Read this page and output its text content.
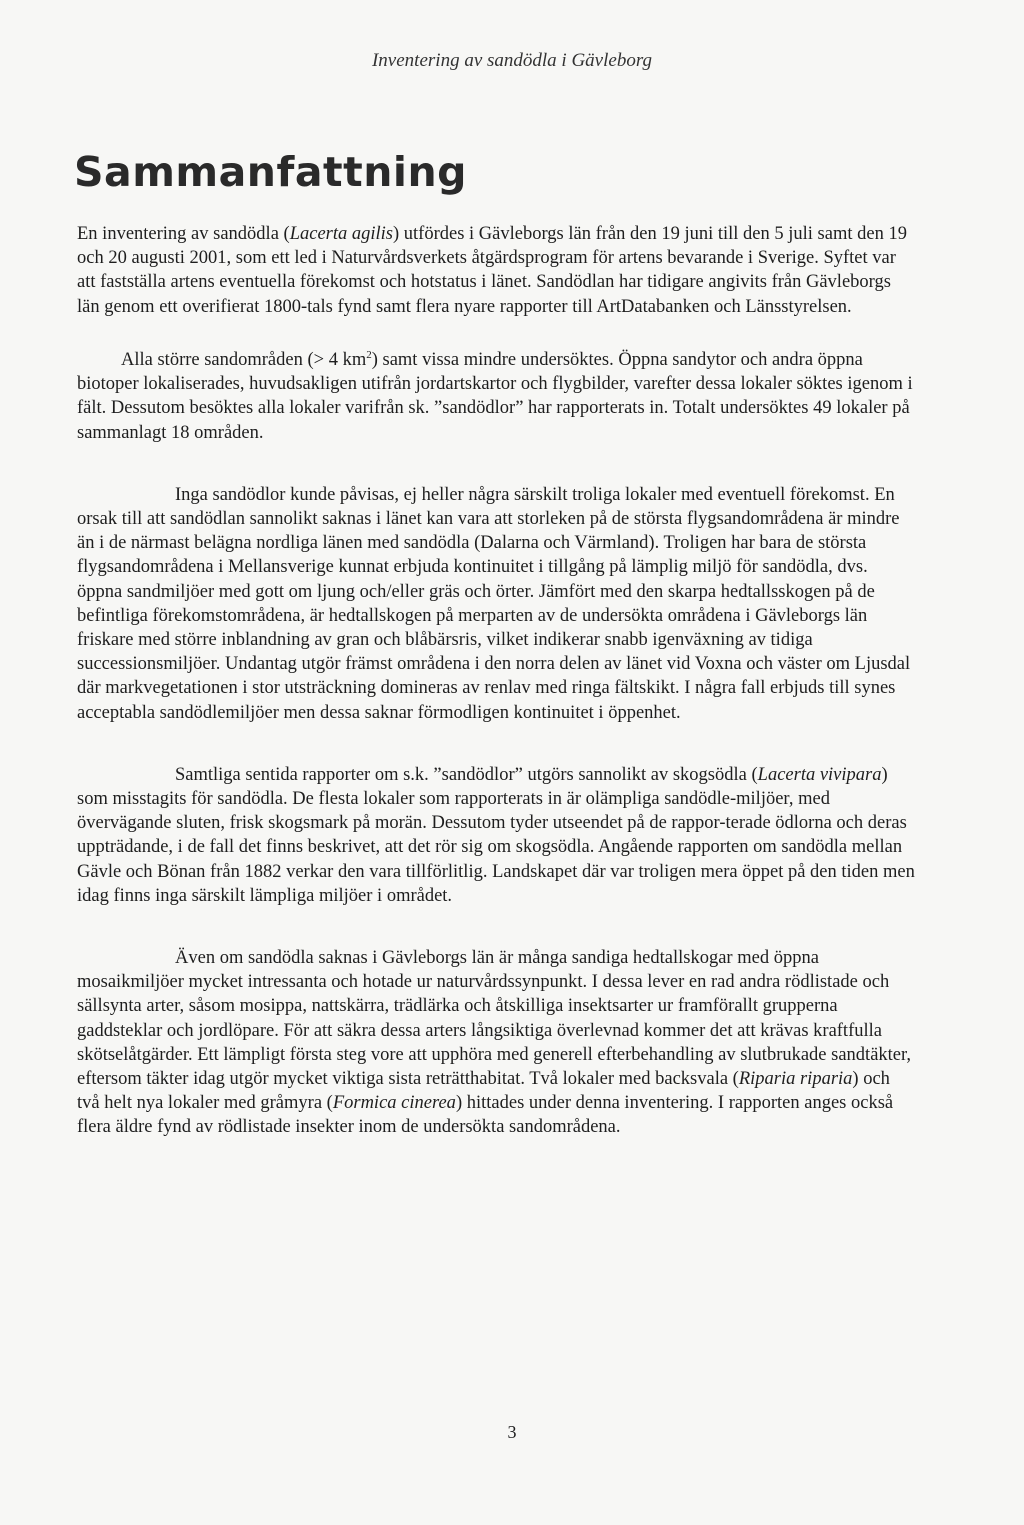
Inventering av sandödla i Gävleborg
Sammanfattning

En inventering av sandödla (Lacerta agilis) utfördes i Gävleborgs län från den 19 juni till den 5 juli samt den 19 och 20 augusti 2001, som ett led i Naturvårdsverkets åtgärdsprogram för artens bevarande i Sverige. Syftet var att fastställa artens eventuella förekomst och hotstatus i länet. Sandödlan har tidigare angivits från Gävleborgs län genom ett overifierat 1800-tals fynd samt flera nyare rapporter till ArtDatabanken och Länsstyrelsen.

Alla större sandområden (> 4 $km^2$) samt vissa mindre undersöktes. Öppna sandytor och andra öppna biotoper lokaliserades, huvudsakligen utifrån jordartskartor och flygbilder, varefter dessa lokaler söktes igenom i fält. Dessutom besöktes alla lokaler varifrån sk. ”sandödlor” har rapporterats in. Totalt undersöktes 49 lokaler på sammanlagt 18 områden.

Inga sandödlor kunde påvisas, ej heller några särskilt troliga lokaler med eventuell förekomst. En orsak till att sandödlan sannolikt saknas i länet kan vara att storleken på de största flygsandområdena är mindre än i de närmast belägna nordliga länen med sandödla (Dalarna och Värmland). Troligen har bara de största flygsandområdena i Mellansverige kunnat erbjuda kontinuitet i tillgång på lämplig miljö för sandödla, dvs. öppna sandmiljöer med gott om ljung och/eller gräs och örter. Jämfört med den skarpa hedtallsskogen på de befintliga förekomstområdena, är hedtallskogen på merparten av de undersökta områdena i Gävleborgs län friskare med större inblandning av gran och blåbärsris, vilket indikerar snabb igenväxning av tidiga successionsmiljöer. Undantag utgör främst områdena i den norra delen av länet vid Voxna och väster om Ljusdal där markvegetationen i stor utsträckning domineras av renlav med ringa fältskikt. I några fall erbjuds till synes acceptabla sandödlemiljöer men dessa saknar förmodligen kontinuitet i öppenhet.

Samtliga sentida rapporter om s.k. ”sandödlor” utgörs sannolikt av skogsödla (Lacerta vivipara) som misstagits för sandödla. De flesta lokaler som rapporterats in är olämpliga sandödle-miljöer, med övervägande sluten, frisk skogsmark på morän. Dessutom tyder utseendet på de rappor-terade ödlorna och deras uppträdande, i de fall det finns beskrivet, att det rör sig om skogsödla. Angående rapporten om sandödla mellan Gävle och Bönan från 1882 verkar den vara tillförlitlig. Landskapet där var troligen mera öppet på den tiden men idag finns inga särskilt lämpliga miljöer i området.

Även om sandödla saknas i Gävleborgs län är många sandiga hedtallskogar med öppna mosaikmiljöer mycket intressanta och hotade ur naturvårdssynpunkt. I dessa lever en rad andra rödlistade och sällsynta arter, såsom mosippa, nattskärra, trädlärka och åtskilliga insektsarter ur framförallt grupperna gaddsteklar och jordlöpare. För att säkra dessa arters långsiktiga överlevnad kommer det att krävas kraftfulla skötselåtgärder. Ett lämpligt första steg vore att upphöra med generell efterbehandling av slutbrukade sandtäkter, eftersom täkter idag utgör mycket viktiga sista reträtthabitat. Två lokaler med backsvala (Riparia riparia) och två helt nya lokaler med gråmyra (Formica cinerea) hittades under denna inventering. I rapporten anges också flera äldre fynd av rödlistade insekter inom de undersökta sandområdena.

3
